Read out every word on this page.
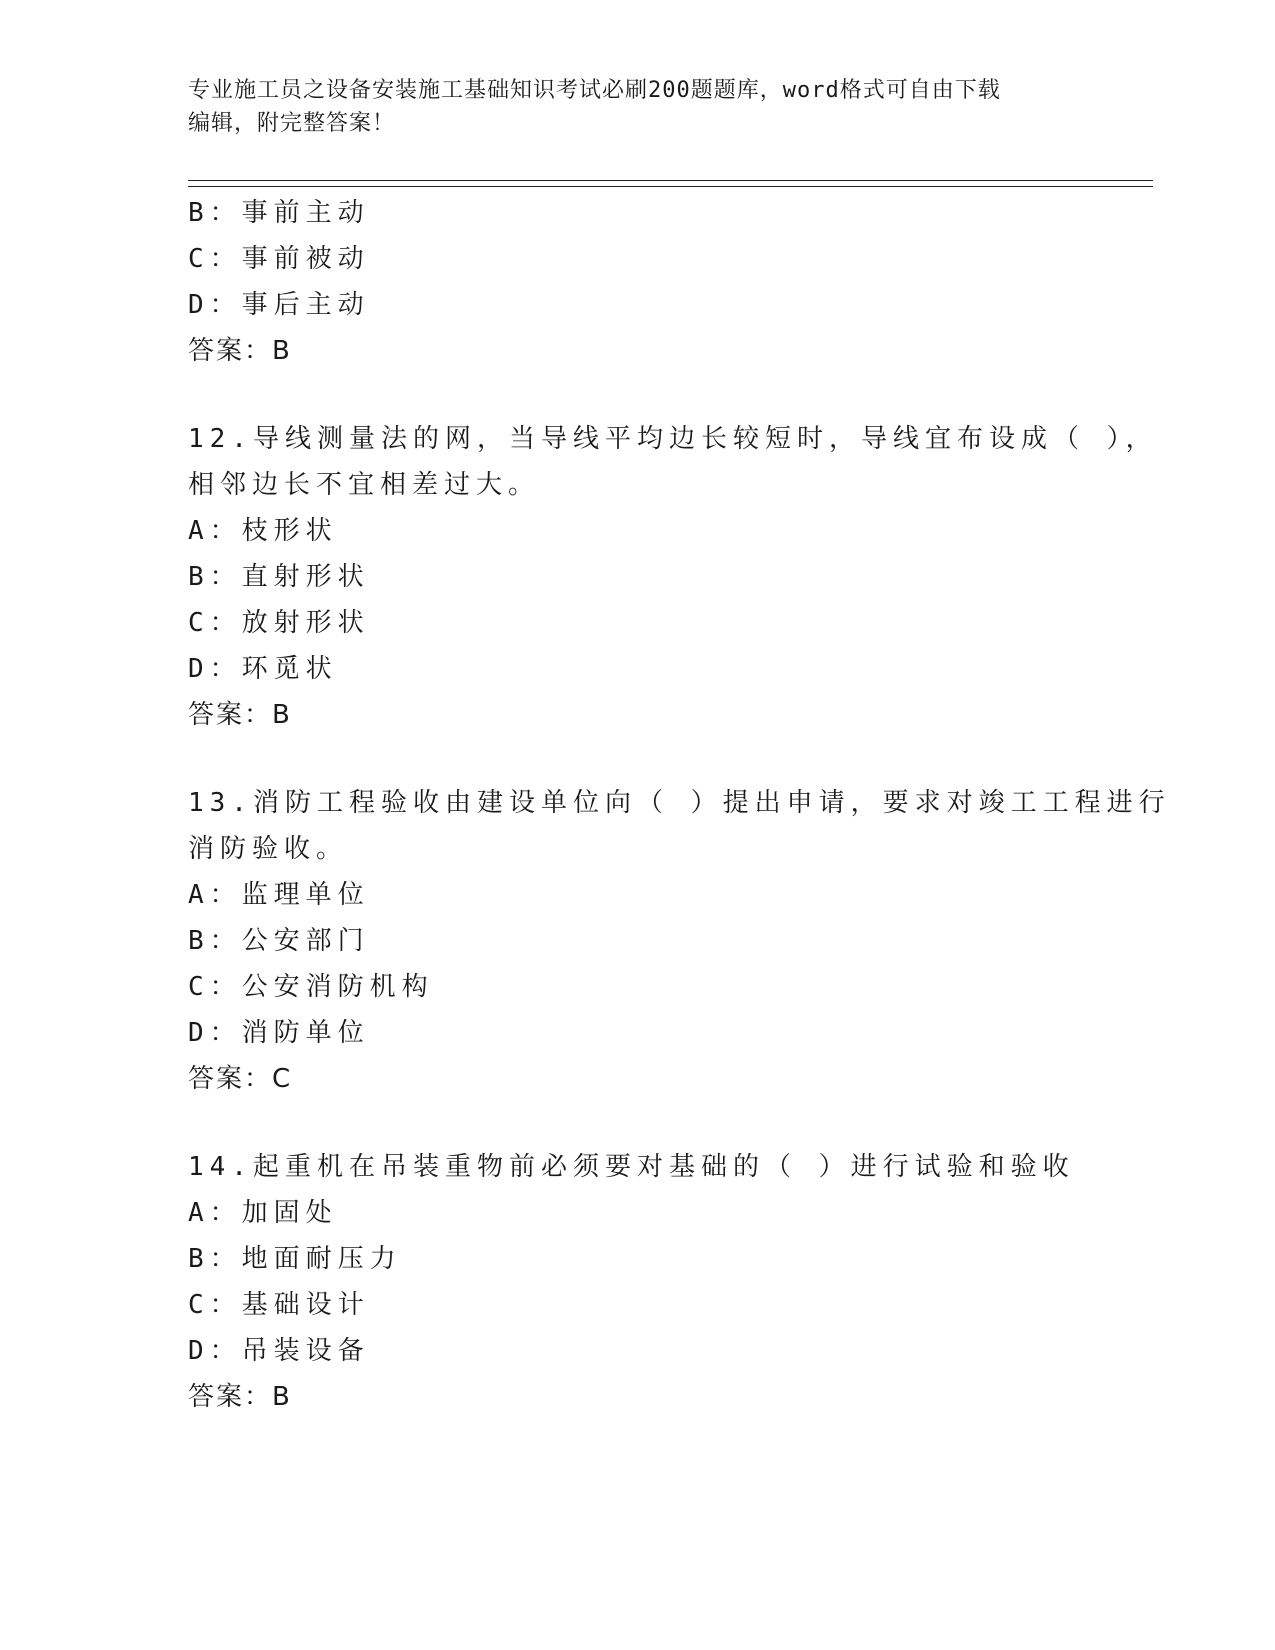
专业施工员之设备安装施工基础知识考试必刷200题题库，word格式可自由下载
编辑，附完整答案！
B：事前主动
C：事前被动
D：事后主动
答案：B
12.导线测量法的网，当导线平均边长较短时，导线宜布设成（ ），
相邻边长不宜相差过大。
A：枝形状
B：直射形状
C：放射形状
D：环觅状
答案：B
13.消防工程验收由建设单位向（ ）提出申请，要求对竣工工程进行
消防验收。
A：监理单位
B：公安部门
C：公安消防机构
D：消防单位
答案：C
14.起重机在吊装重物前必须要对基础的（ ）进行试验和验收
A：加固处
B：地面耐压力
C：基础设计
D：吊装设备
答案：B
